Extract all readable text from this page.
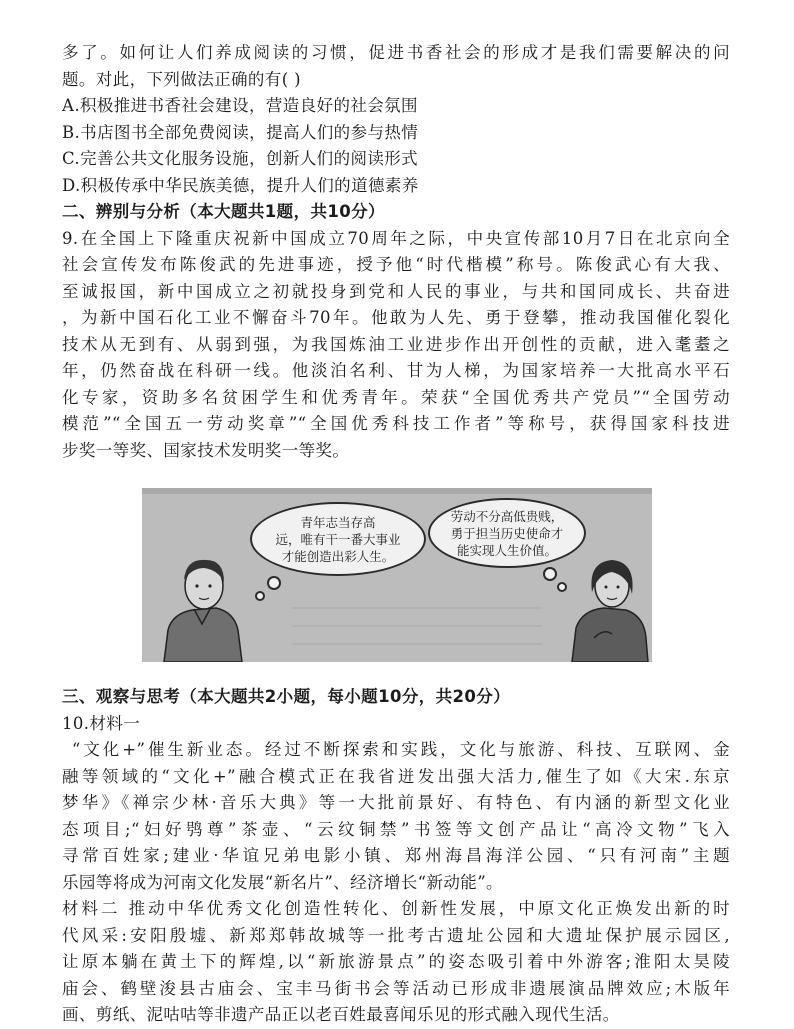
多了。如何让人们养成阅读的习惯，促进书香社会的形成才是我们需要解决的问

题。对此，下列做法正确的有( )

A.积极推进书香社会建设，营造良好的社会氛围

B.书店图书全部免费阅读，提高人们的参与热情

C.完善公共文化服务设施，创新人们的阅读形式

D.积极传承中华民族美德，提升人们的道德素养

二、辨别与分析（本大题共1题，共10分）

9.在全国上下隆重庆祝新中国成立70周年之际，中央宣传部10月7日在北京向全

社会宣传发布陈俊武的先进事迹，授予他“时代楷模”称号。陈俊武心有大我、

至诚报国，新中国成立之初就投身到党和人民的事业，与共和国同成长、共奋进

，为新中国石化工业不懈奋斗70年。他敢为人先、勇于登攀，推动我国催化裂化

技术从无到有、从弱到强，为我国炼油工业进步作出开创性的贡献，进入耄耋之

年，仍然奋战在科研一线。他淡泊名利、甘为人梯，为国家培养一大批高水平石

化专家，资助多名贫困学生和优秀青年。荣获“全国优秀共产党员”“全国劳动

模范”“全国五一劳动奖章”“全国优秀科技工作者”等称号，获得国家科技进

步奖一等奖、国家技术发明奖一等奖。

青年志当存高
远，唯有干一番大事业
才能创造出彩人生。
劳动不分高低贵贱，
勇于担当历史使命才
能实现人生价值。

三、观察与思考（本大题共2小题，每小题10分，共20分）

10.材料一

“文化+”催生新业态。经过不断探索和实践，文化与旅游、科技、互联网、金

融等领域的“文化+”融合模式正在我省迸发出强大活力,催生了如《大宋.东京

梦华》《禅宗少林·音乐大典》等一大批前景好、有特色、有内涵的新型文化业

态项目;“妇好鸮尊”茶壶、“云纹铜禁”书签等文创产品让“高冷文物”飞入

寻常百姓家;建业·华谊兄弟电影小镇、郑州海昌海洋公园、“只有河南”主题

乐园等将成为河南文化发展“新名片”、经济增长“新动能”。

材料二 推动中华优秀文化创造性转化、创新性发展，中原文化正焕发出新的时

代风采:安阳殷墟、新郑郑韩故城等一批考古遗址公园和大遗址保护展示园区,

让原本躺在黄土下的辉煌,以“新旅游景点”的姿态吸引着中外游客;淮阳太昊陵

庙会、鹤壁浚县古庙会、宝丰马街书会等活动已形成非遗展演品牌效应;木版年

画、剪纸、泥咕咕等非遗产品正以老百姓最喜闻乐见的形式融入现代生活。
